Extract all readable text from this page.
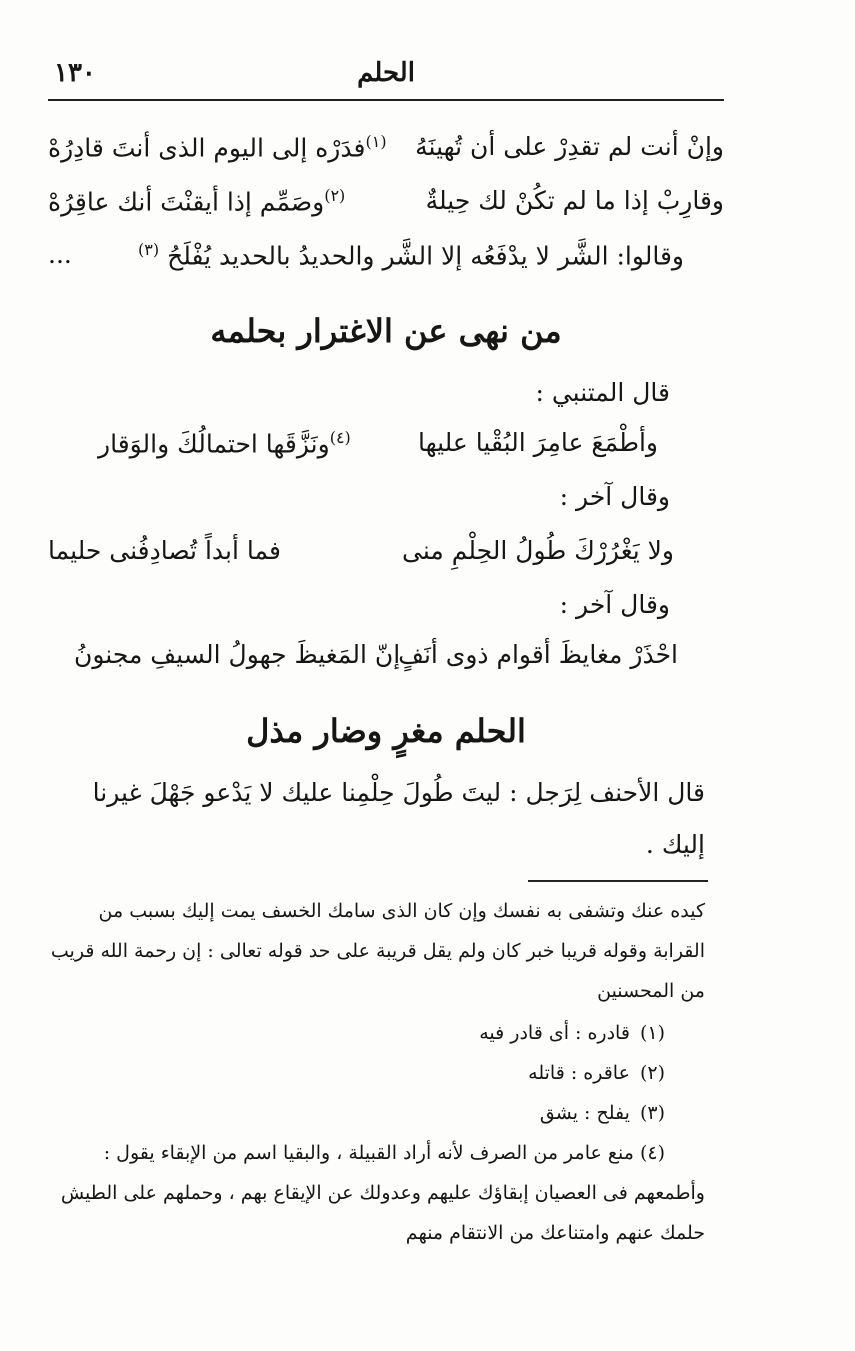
١٣٠	الحلم
وإنْ أنت لم تقدِرْ على أن تُهينَهُ
$^{(١)}$فدَرْه إلى اليوم الذى أنتَ قادِرُهْ
وقارِبْ إذا ما لم تكُنْ لك حِيلةٌ
$^{(٢)}$وصَمِّم إذا أيقنْتَ أنك عاقِرُهْ
وقالوا: الشَّر لا يدْفَعُه إلا الشَّر والحديدُ بالحديد يُفْلَحُ $^{(٣)}$
...
من نهى عن الاغترار بحلمه
قال المتنبي :
وأطْمَعَ عامِرَ البُقْيا عليها
$^{(٤)}$ونَزَّقَها احتمالُكَ والوَقار
وقال آخر :
ولا يَغْرُرْكَ طُولُ الحِلْمِ منى
فما أبداً تُصادِفُنى حليما
وقال آخر :
احْذَرْ مغايظَ أقوام ذوى أنَفٍ
إنّ المَغيظَ جهولُ السيفِ مجنونُ
الحلم مغرٍ وضار مذل
قال الأحنف لِرَجل : ليتَ طُولَ حِلْمِنا عليك لا يَدْعو جَهْلَ غيرنا
إليك .
كيده عنك وتشفى به نفسك وإن كان الذى سامك الخسف يمت إليك بسبب من
القرابة وقوله قريبا خبر كان ولم يقل قريبة على حد قوله تعالى : إن رحمة الله قريب
من المحسنين
(١)قادره : أى قادر فيه
(٢)عاقره : قاتله
(٣)يفلح : يشق
(٤) منع عامر من الصرف لأنه أراد القبيلة ، والبقيا اسم من الإبقاء يقول :
وأطمعهم فى العصيان إبقاؤك عليهم وعدولك عن الإيقاع بهم ، وحملهم على الطيش
حلمك عنهم وامتناعك من الانتقام منهم
